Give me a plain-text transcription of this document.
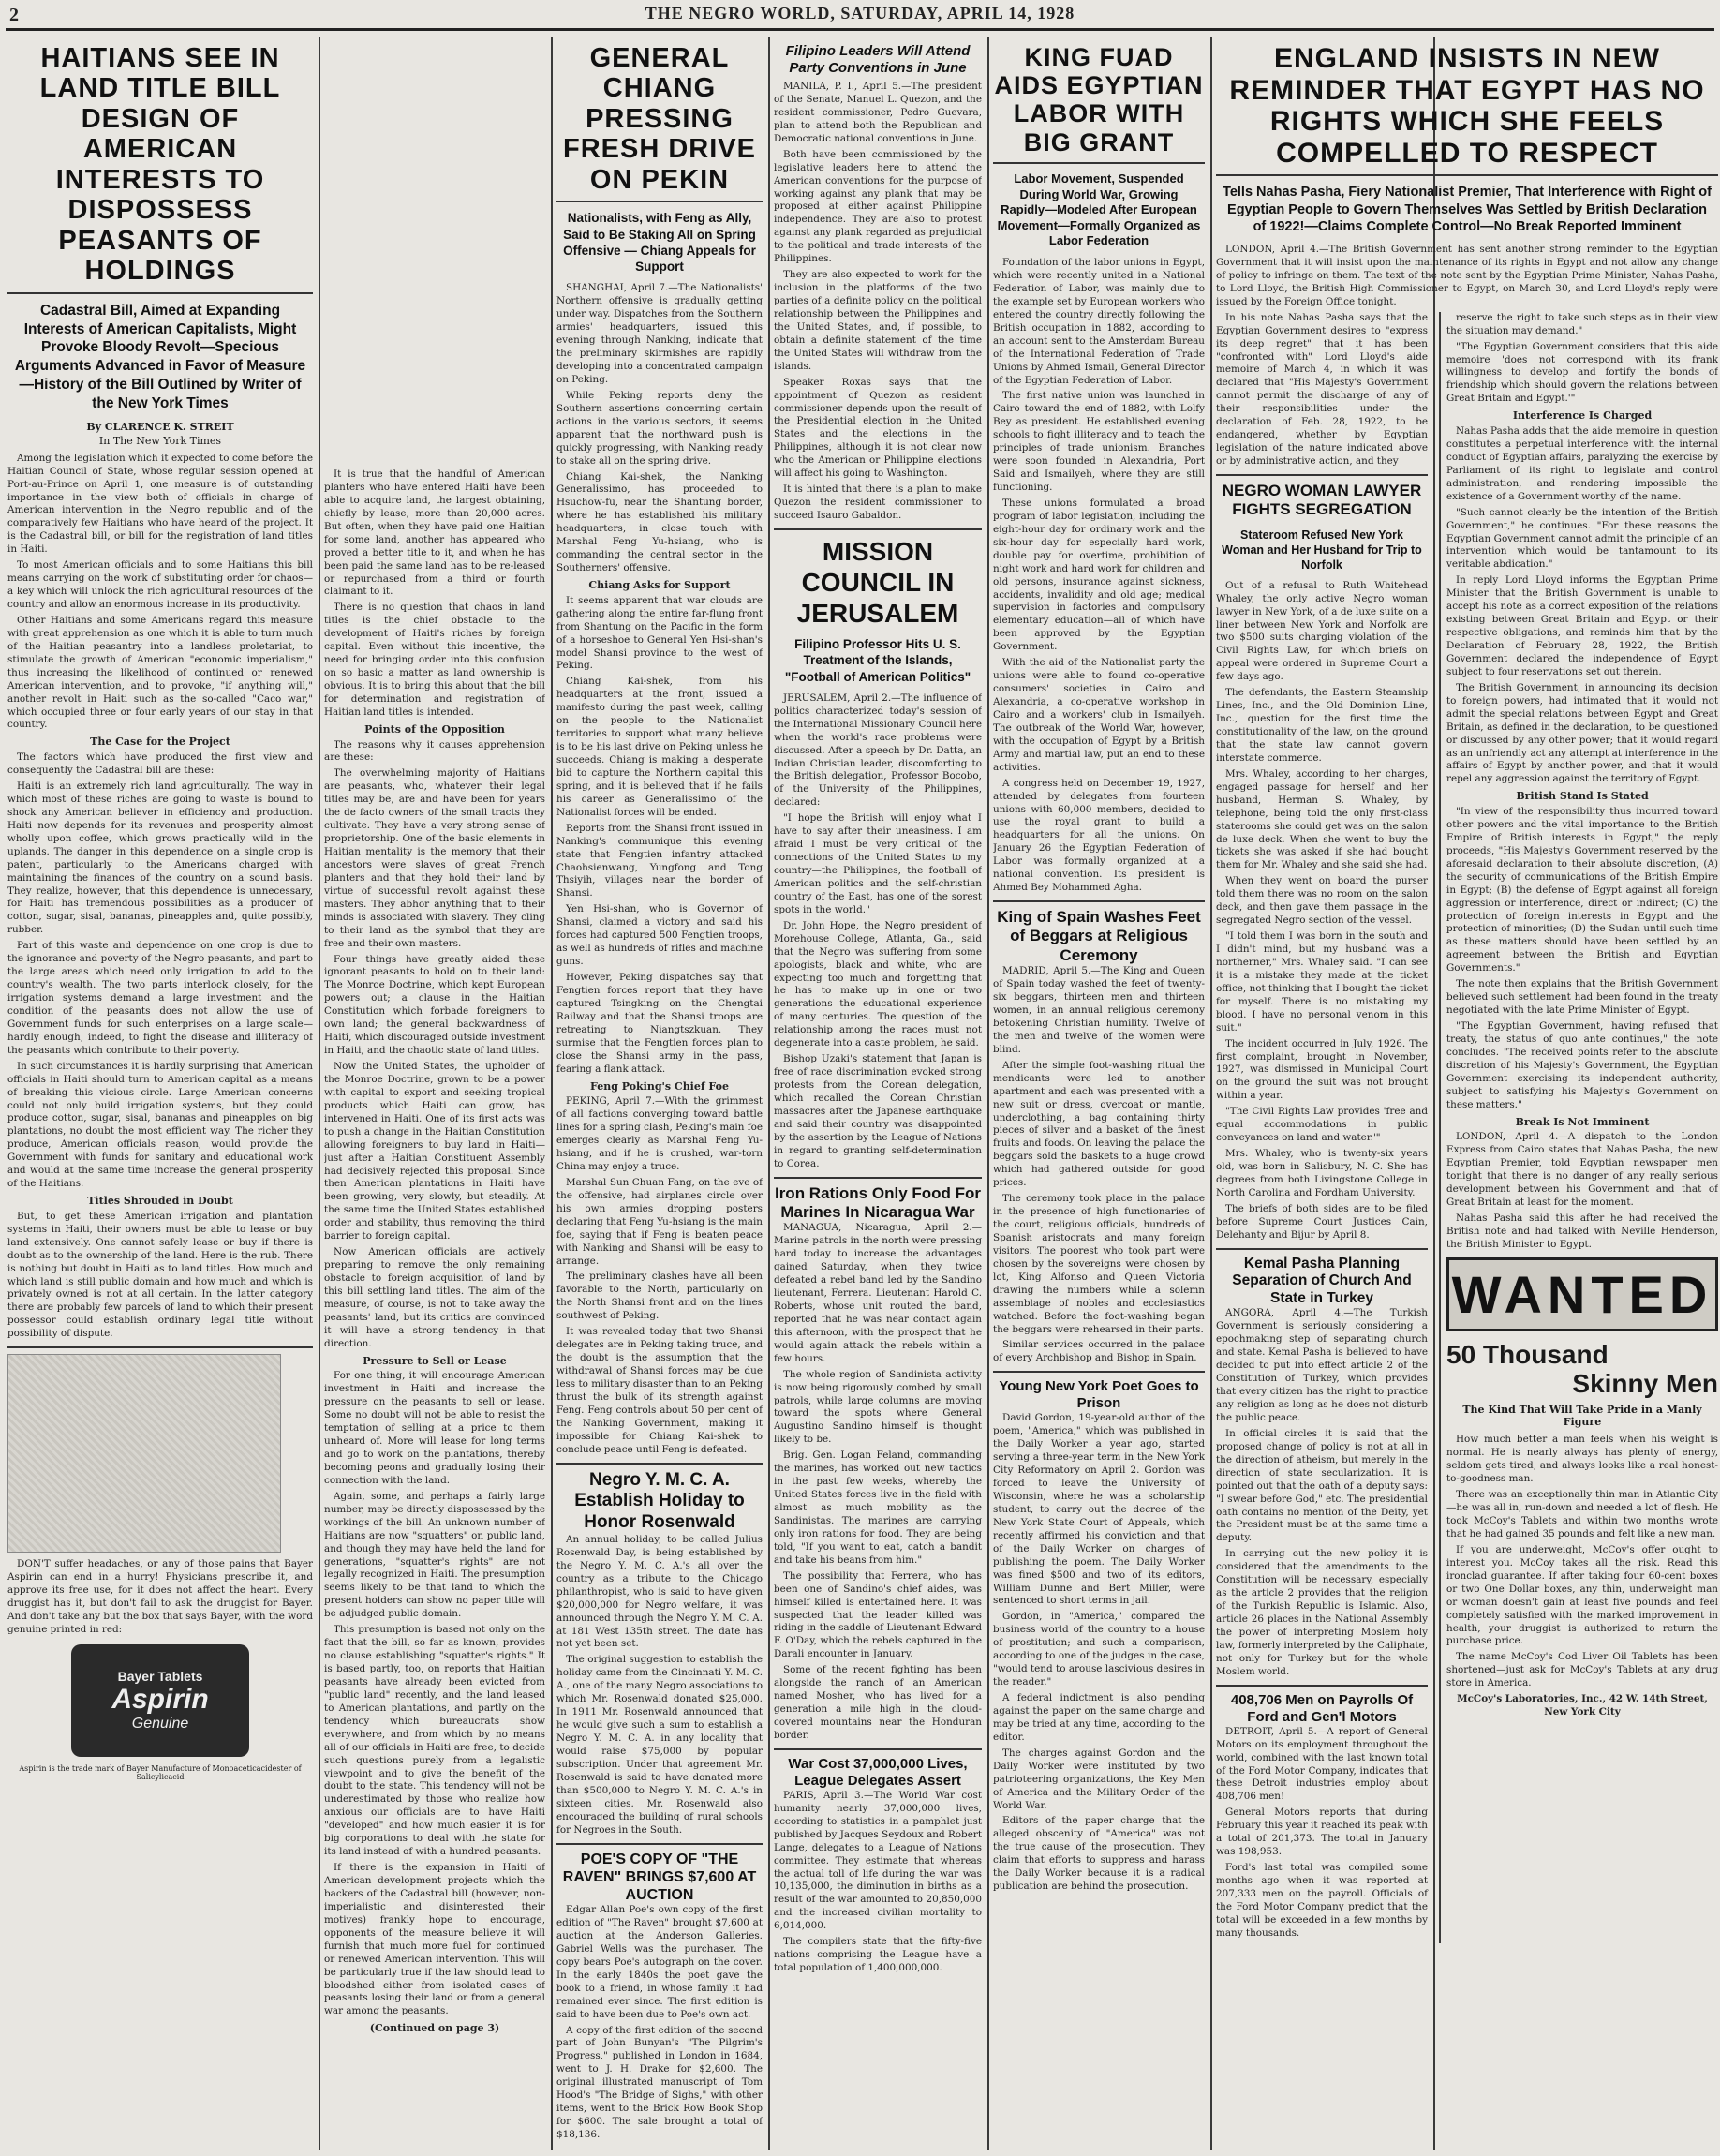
2	THE NEGRO WORLD, SATURDAY, APRIL 14, 1928
HAITIANS SEE IN LAND TITLE BILL DESIGN OF AMERICAN INTERESTS TO DISPOSSESS PEASANTS OF HOLDINGS
Cadastral Bill, Aimed at Expanding Interests of American Capitalists, Might Provoke Bloody Revolt—Specious Arguments Advanced in Favor of Measure—History of the Bill Outlined by Writer of the New York Times
By CLARENCE K. STREIT
In The New York Times

Among the legislation which it expected to come before the Haitian Council of State, whose regular session opened at Port-au-Prince on April 1, one measure is of outstanding importance in the view both of officials in charge of American intervention in the Negro republic and of the comparatively few Haitians who have heard of the project. It is the Cadastral bill, or bill for the registration of land titles in Haiti.

To most American officials and to some Haitians this bill means carrying on the work of substituting order for chaos—a key which will unlock the rich agricultural resources of the country and allow an enormous increase in its productivity.

Other Haitians and some Americans regard this measure with great apprehension as one which it is able to turn much of the Haitian peasantry into a landless proletariat, to stimulate the growth of American "economic imperialism," thus increasing the likelihood of continued or renewed American intervention, and to provoke, "if anything will," another revolt in Haiti such as the so-called "Caco war," which occupied three or four early years of our stay in that country.

The Case for the Project

The factors which have produced the first view and consequently the Cadastral bill are these:

Haiti is an extremely rich land agriculturally. The way in which most of these riches are going to waste is bound to shock any American believer in efficiency and production. Haiti now depends for its revenues and prosperity almost wholly upon coffee, which grows practically wild in the uplands. The danger in this dependence on a single crop is patent, particularly to the Americans charged with maintaining the finances of the country on a sound basis. They realize, however, that this dependence is unnecessary, for Haiti has tremendous possibilities as a producer of cotton, sugar, sisal, bananas, pineapples and, quite possibly, rubber.

Part of this waste and dependence on one crop is due to the ignorance and poverty of the Negro peasants, and part to the large areas which need only irrigation to add to the country's wealth. The two parts interlock closely, for the irrigation systems demand a large investment and the condition of the peasants does not allow the use of Government funds for such enterprises on a large scale—hardly enough, indeed, to fight the disease and illiteracy of the peasants which contribute to their poverty.

In such circumstances it is hardly surprising that American officials in Haiti should turn to American capital as a means of breaking this vicious circle. Large American concerns could not only build irrigation systems, but they could produce cotton, sugar, sisal, bananas and pineapples on big plantations, no doubt the most efficient way. The richer they produce, American officials reason, would provide the Government with funds for sanitary and educational work and would at the same time increase the general prosperity of the Haitians.

Titles Shrouded in Doubt

But, to get these American irrigation and plantation systems in Haiti, their owners must be able to lease or buy land extensively. One cannot safely lease or buy if there is doubt as to the ownership of the land. Here is the rub. There is nothing but doubt in Haiti as to land titles. How much and which land is still public domain and how much and which is privately owned is not at all certain. In the latter category there are probably few parcels of land to which their present possessor could establish ordinary legal title without possibility of dispute.

DON'T suffer headaches, or any of those pains that Bayer Aspirin can end in a hurry! Physicians prescribe it, and approve its free use, for it does not affect the heart. Every druggist has it, but don't fail to ask the druggist for Bayer. And don't take any but the box that says Bayer, with the word genuine printed in red:

Bayer Tablets
Aspirin
Genuine
Aspirin is the trade mark of Bayer Manufacture of Monoaceticacidester of Salicylicacid

It is true that the handful of American planters who have entered Haiti have been able to acquire land, the largest obtaining, chiefly by lease, more than 20,000 acres. But often, when they have paid one Haitian for some land, another has appeared who proved a better title to it, and when he has been paid the same land has to be re-leased or repurchased from a third or fourth claimant to it.

There is no question that chaos in land titles is the chief obstacle to the development of Haiti's riches by foreign capital. Even without this incentive, the need for bringing order into this confusion on so basic a matter as land ownership is obvious. It is to bring this about that the bill for determination and registration of Haitian land titles is intended.

Points of the Opposition

The reasons why it causes apprehension are these:

The overwhelming majority of Haitians are peasants, who, whatever their legal titles may be, are and have been for years the de facto owners of the small tracts they cultivate. They have a very strong sense of proprietorship. One of the basic elements in Haitian mentality is the memory that their ancestors were slaves of great French planters and that they hold their land by virtue of successful revolt against these masters. They abhor anything that to their minds is associated with slavery. They cling to their land as the symbol that they are free and their own masters.

Four things have greatly aided these ignorant peasants to hold on to their land: The Monroe Doctrine, which kept European powers out; a clause in the Haitian Constitution which forbade foreigners to own land; the general backwardness of Haiti, which discouraged outside investment in Haiti, and the chaotic state of land titles.

Now the United States, the upholder of the Monroe Doctrine, grown to be a power with capital to export and seeking tropical products which Haiti can grow, has intervened in Haiti. One of its first acts was to push a change in the Haitian Constitution allowing foreigners to buy land in Haiti—just after a Haitian Constituent Assembly had decisively rejected this proposal. Since then American plantations in Haiti have been growing, very slowly, but steadily. At the same time the United States established order and stability, thus removing the third barrier to foreign capital.

Now American officials are actively preparing to remove the only remaining obstacle to foreign acquisition of land by this bill settling land titles. The aim of the measure, of course, is not to take away the peasants' land, but its critics are convinced it will have a strong tendency in that direction.

Pressure to Sell or Lease

For one thing, it will encourage American investment in Haiti and increase the pressure on the peasants to sell or lease. Some no doubt will not be able to resist the temptation of selling at a price to them unheard of. More will lease for long terms and go to work on the plantations, thereby becoming peons and gradually losing their connection with the land.

Again, some, and perhaps a fairly large number, may be directly dispossessed by the workings of the bill. An unknown number of Haitians are now "squatters" on public land, and though they may have held the land for generations, "squatter's rights" are not legally recognized in Haiti. The presumption seems likely to be that land to which the present holders can show no paper title will be adjudged public domain.

This presumption is based not only on the fact that the bill, so far as known, provides no clause establishing "squatter's rights." It is based partly, too, on reports that Haitian peasants have already been evicted from "public land" recently, and the land leased to American plantations, and partly on the tendency which bureaucrats show everywhere, and from which by no means all of our officials in Haiti are free, to decide such questions purely from a legalistic viewpoint and to give the benefit of the doubt to the state. This tendency will not be underestimated by those who realize how anxious our officials are to have Haiti "developed" and how much easier it is for big corporations to deal with the state for its land instead of with a hundred peasants.

If there is the expansion in Haiti of American development projects which the backers of the Cadastral bill (however, non-imperialistic and disinterested their motives) frankly hope to encourage, opponents of the measure believe it will furnish that much more fuel for continued or renewed American intervention. This will be particularly true if the law should lead to bloodshed either from isolated cases of peasants losing their land or from a general war among the peasants.

(Continued on page 3)
GENERAL CHIANG PRESSING FRESH DRIVE ON PEKIN
Nationalists, with Feng as Ally, Said to Be Staking All on Spring Offensive — Chiang Appeals for Support

SHANGHAI, April 7.—The Nationalists' Northern offensive is gradually getting under way. Dispatches from the Southern armies' headquarters, issued this evening through Nanking, indicate that the preliminary skirmishes are rapidly developing into a concentrated campaign on Peking.

While Peking reports deny the Southern assertions concerning certain actions in the various sectors, it seems apparent that the northward push is quickly progressing, with Nanking ready to stake all on the spring drive.

Chiang Kai-shek, the Nanking Generalissimo, has proceeded to Hsuchow-fu, near the Shantung border, where he has established his military headquarters, in close touch with Marshal Feng Yu-hsiang, who is commanding the central sector in the Southerners' offensive.

Chiang Asks for Support

It seems apparent that war clouds are gathering along the entire far-flung front from Shantung on the Pacific in the form of a horseshoe to General Yen Hsi-shan's model Shansi province to the west of Peking.

Chiang Kai-shek, from his headquarters at the front, issued a manifesto during the past week, calling on the people to the Nationalist territories to support what many believe is to be his last drive on Peking unless he succeeds. Chiang is making a desperate bid to capture the Northern capital this spring, and it is believed that if he fails his career as Generalissimo of the Nationalist forces will be ended.

Reports from the Shansi front issued in Nanking's communique this evening state that Fengtien infantry attacked Chaohsienwang, Yungfong and Tong Thsiyih, villages near the border of Shansi.

Yen Hsi-shan, who is Governor of Shansi, claimed a victory and said his forces had captured 500 Fengtien troops, as well as hundreds of rifles and machine guns.

However, Peking dispatches say that Fengtien forces report that they have captured Tsingking on the Chengtai Railway and that the Shansi troops are retreating to Niangtszkuan. They surmise that the Fengtien forces plan to close the Shansi army in the pass, fearing a flank attack.

Feng Poking's Chief Foe

PEKING, April 7.—With the grimmest of all factions converging toward battle lines for a spring clash, Peking's main foe emerges clearly as Marshal Feng Yu-hsiang, and if he is crushed, war-torn China may enjoy a truce.

Marshal Sun Chuan Fang, on the eve of the offensive, had airplanes circle over his own armies dropping posters declaring that Feng Yu-hsiang is the main foe, saying that if Feng is beaten peace with Nanking and Shansi will be easy to arrange.

The preliminary clashes have all been favorable to the North, particularly on the North Shansi front and on the lines southwest of Peking.

It was revealed today that two Shansi delegates are in Peking taking truce, and the doubt is the assumption that the withdrawal of Shansi forces may be due less to military disaster than to an Peking thrust the bulk of its strength against Feng. Feng controls about 50 per cent of the Nanking Government, making it impossible for Chiang Kai-shek to conclude peace until Feng is defeated.

Negro Y. M. C. A. Establish Holiday to Honor Rosenwald

An annual holiday, to be called Julius Rosenwald Day, is being established by the Negro Y. M. C. A.'s all over the country as a tribute to the Chicago philanthropist, who is said to have given $20,000,000 for Negro welfare, it was announced through the Negro Y. M. C. A. at 181 West 135th street. The date has not yet been set.

The original suggestion to establish the holiday came from the Cincinnati Y. M. C. A., one of the many Negro associations to which Mr. Rosenwald donated $25,000. In 1911 Mr. Rosenwald announced that he would give such a sum to establish a Negro Y. M. C. A. in any locality that would raise $75,000 by popular subscription. Under that agreement Mr. Rosenwald is said to have donated more than $500,000 to Negro Y. M. C. A.'s in sixteen cities. Mr. Rosenwald also encouraged the building of rural schools for Negroes in the South.

POE'S COPY OF "THE RAVEN" BRINGS $7,600 AT AUCTION

Edgar Allan Poe's own copy of the first edition of "The Raven" brought $7,600 at auction at the Anderson Galleries. Gabriel Wells was the purchaser. The copy bears Poe's autograph on the cover. In the early 1840s the poet gave the book to a friend, in whose family it had remained ever since. The first edition is said to have been due to Poe's own act.

A copy of the first edition of the second part of John Bunyan's "The Pilgrim's Progress," published in London in 1684, went to J. H. Drake for $2,600. The original illustrated manuscript of Tom Hood's "The Bridge of Sighs," with other items, went to the Brick Row Book Shop for $600. The sale brought a total of $18,136.

Filipino Leaders Will Attend Party Conventions in June

MANILA, P. I., April 5.—The president of the Senate, Manuel L. Quezon, and the resident commissioner, Pedro Guevara, plan to attend both the Republican and Democratic national conventions in June.

Both have been commissioned by the legislative leaders here to attend the American conventions for the purpose of working against any plank that may be proposed at either against Philippine independence. They are also to protest against any plank regarded as prejudicial to the political and trade interests of the Philippines.

They are also expected to work for the inclusion in the platforms of the two parties of a definite policy on the political relationship between the Philippines and the United States, and, if possible, to obtain a definite statement of the time the United States will withdraw from the islands.

Speaker Roxas says that the appointment of Quezon as resident commissioner depends upon the result of the Presidential election in the United States and the elections in the Philippines, although it is not clear now who the American or Philippine elections will affect his going to Washington.

It is hinted that there is a plan to make Quezon the resident commissioner to succeed Isauro Gabaldon.

MISSION COUNCIL IN JERUSALEM
Filipino Professor Hits U. S. Treatment of the Islands, "Football of American Politics"

JERUSALEM, April 2.—The influence of politics characterized today's session of the International Missionary Council here when the world's race problems were discussed. After a speech by Dr. Datta, an Indian Christian leader, discomforting to the British delegation, Professor Bocobo, of the University of the Philippines, declared:

"I hope the British will enjoy what I have to say after their uneasiness. I am afraid I must be very critical of the connections of the United States to my country—the Philippines, the football of American politics and the self-christian country of the East, has one of the sorest spots in the world."

Dr. John Hope, the Negro president of Morehouse College, Atlanta, Ga., said that the Negro was suffering from some apologists, black and white, who are expecting too much and forgetting that he has to make up in one or two generations the educational experience of many centuries. The question of the relationship among the races must not degenerate into a caste problem, he said.

Bishop Uzaki's statement that Japan is free of race discrimination evoked strong protests from the Corean delegation, which recalled the Corean Christian massacres after the Japanese earthquake and said their country was disappointed by the assertion by the League of Nations in regard to granting self-determination to Corea.

Iron Rations Only Food For Marines In Nicaragua War

MANAGUA, Nicaragua, April 2.—Marine patrols in the north were pressing hard today to increase the advantages gained Saturday, when they twice defeated a rebel band led by the Sandino lieutenant, Ferrera. Lieutenant Harold C. Roberts, whose unit routed the band, reported that he was near contact again this afternoon, with the prospect that he would again attack the rebels within a few hours.

The whole region of Sandinista activity is now being rigorously combed by small patrols, while large columns are moving toward the spots where General Augustino Sandino himself is thought likely to be.

Brig. Gen. Logan Feland, commanding the marines, has worked out new tactics in the past few weeks, whereby the United States forces live in the field with almost as much mobility as the Sandinistas. The marines are carrying only iron rations for food. They are being told, "If you want to eat, catch a bandit and take his beans from him."

The possibility that Ferrera, who has been one of Sandino's chief aides, was himself killed is entertained here. It was suspected that the leader killed was riding in the saddle of Lieutenant Edward F. O'Day, which the rebels captured in the Darali encounter in January.

Some of the recent fighting has been alongside the ranch of an American named Mosher, who has lived for a generation a mile high in the cloud-covered mountains near the Honduran border.

War Cost 37,000,000 Lives, League Delegates Assert

PARIS, April 3.—The World War cost humanity nearly 37,000,000 lives, according to statistics in a pamphlet just published by Jacques Seydoux and Robert Lange, delegates to a League of Nations committee. They estimate that whereas the actual toll of life during the war was 10,135,000, the diminution in births as a result of the war amounted to 20,850,000 and the increased civilian mortality to 6,014,000.

The compilers state that the fifty-five nations comprising the League have a total population of 1,400,000,000.

KING FUAD AIDS EGYPTIAN LABOR WITH BIG GRANT
Labor Movement, Suspended During World War, Growing Rapidly—Modeled After European Movement—Formally Organized as Labor Federation

Foundation of the labor unions in Egypt, which were recently united in a National Federation of Labor, was mainly due to the example set by European workers who entered the country directly following the British occupation in 1882, according to an account sent to the Amsterdam Bureau of the International Federation of Trade Unions by Ahmed Ismail, General Director of the Egyptian Federation of Labor.

The first native union was launched in Cairo toward the end of 1882, with Lolfy Bey as president. He established evening schools to fight illiteracy and to teach the principles of trade unionism. Branches were soon founded in Alexandria, Port Said and Ismailyeh, where they are still functioning.

These unions formulated a broad program of labor legislation, including the eight-hour day for ordinary work and the six-hour day for especially hard work, double pay for overtime, prohibition of night work and hard work for children and old persons, insurance against sickness, accidents, invalidity and old age; medical supervision in factories and compulsory elementary education—all of which have been approved by the Egyptian Government.

With the aid of the Nationalist party the unions were able to found co-operative consumers' societies in Cairo and Alexandria, a co-operative workshop in Cairo and a workers' club in Ismailyeh. The outbreak of the World War, however, with the occupation of Egypt by a British Army and martial law, put an end to these activities.

A congress held on December 19, 1927, attended by delegates from fourteen unions with 60,000 members, decided to use the royal grant to build a headquarters for all the unions. On January 26 the Egyptian Federation of Labor was formally organized at a national convention. Its president is Ahmed Bey Mohammed Agha.

King of Spain Washes Feet of Beggars at Religious Ceremony

MADRID, April 5.—The King and Queen of Spain today washed the feet of twenty-six beggars, thirteen men and thirteen women, in an annual religious ceremony betokening Christian humility. Twelve of the men and twelve of the women were blind.

After the simple foot-washing ritual the mendicants were led to another apartment and each was presented with a new suit or dress, overcoat or mantle, underclothing, a bag containing thirty pieces of silver and a basket of the finest fruits and foods. On leaving the palace the beggars sold the baskets to a huge crowd which had gathered outside for good prices.

The ceremony took place in the palace in the presence of high functionaries of the court, religious officials, hundreds of Spanish aristocrats and many foreign visitors. The poorest who took part were chosen by the sovereigns were chosen by lot, King Alfonso and Queen Victoria drawing the numbers while a solemn assemblage of nobles and ecclesiastics watched. Before the foot-washing began the beggars were rehearsed in their parts.

Similar services occurred in the palace of every Archbishop and Bishop in Spain.

Young New York Poet Goes to Prison

David Gordon, 19-year-old author of the poem, "America," which was published in the Daily Worker a year ago, started serving a three-year term in the New York City Reformatory on April 2. Gordon was forced to leave the University of Wisconsin, where he was a scholarship student, to carry out the decree of the New York State Court of Appeals, which recently affirmed his conviction and that of the Daily Worker on charges of publishing the poem. The Daily Worker was fined $500 and two of its editors, William Dunne and Bert Miller, were sentenced to short terms in jail.

Gordon, in "America," compared the business world of the country to a house of prostitution; and such a comparison, according to one of the judges in the case, "would tend to arouse lascivious desires in the reader."

A federal indictment is also pending against the paper on the same charge and may be tried at any time, according to the editor.

The charges against Gordon and the Daily Worker were instituted by two patrioteering organizations, the Key Men of America and the Military Order of the World War.

Editors of the paper charge that the alleged obscenity of "America" was not the true cause of the prosecution. They claim that efforts to suppress and harass the Daily Worker because it is a radical publication are behind the prosecution.

ENGLAND INSISTS IN NEW REMINDER THAT EGYPT HAS NO RIGHTS WHICH SHE FEELS COMPELLED TO RESPECT
Tells Nahas Pasha, Fiery Nationalist Premier, That Interference with Right of Egyptian People to Govern Themselves Was Settled by British Declaration of 1922!—Claims Complete Control—No Break Reported Imminent

LONDON, April 4.—The British Government has sent another strong reminder to the Egyptian Government that it will insist upon the maintenance of its rights in Egypt and not allow any change of policy to infringe on them. The text of the note sent by the Egyptian Prime Minister, Nahas Pasha, to Lord Lloyd, the British High Commissioner to Egypt, on March 30, and Lord Lloyd's reply were issued by the Foreign Office tonight.

In his note Nahas Pasha says that the Egyptian Government desires to "express its deep regret" that it has been "confronted with" Lord Lloyd's aide memoire of March 4, in which it was declared that "His Majesty's Government cannot permit the discharge of any of their responsibilities under the declaration of Feb. 28, 1922, to be endangered, whether by Egyptian legislation of the nature indicated above or by administrative action, and they

NEGRO WOMAN LAWYER FIGHTS SEGREGATION
Stateroom Refused New York Woman and Her Husband for Trip to Norfolk

Out of a refusal to Ruth Whitehead Whaley, the only active Negro woman lawyer in New York, of a de luxe suite on a liner between New York and Norfolk are two $500 suits charging violation of the Civil Rights Law, for which briefs on appeal were ordered in Supreme Court a few days ago.

The defendants, the Eastern Steamship Lines, Inc., and the Old Dominion Line, Inc., question for the first time the constitutionality of the law, on the ground that the state law cannot govern interstate commerce.

Mrs. Whaley, according to her charges, engaged passage for herself and her husband, Herman S. Whaley, by telephone, being told the only first-class staterooms she could get was on the salon de luxe deck. When she went to buy the tickets she was asked if she had bought them for Mr. Whaley and she said she had.

When they went on board the purser told them there was no room on the salon deck, and then gave them passage in the segregated Negro section of the vessel.

"I told them I was born in the south and I didn't mind, but my husband was a northerner," Mrs. Whaley said. "I can see it is a mistake they made at the ticket office, not thinking that I bought the ticket for myself. There is no mistaking my blood. I have no personal venom in this suit."

The incident occurred in July, 1926. The first complaint, brought in November, 1927, was dismissed in Municipal Court on the ground the suit was not brought within a year.

"The Civil Rights Law provides 'free and equal accommodations in public conveyances on land and water.'"

Mrs. Whaley, who is twenty-six years old, was born in Salisbury, N. C. She has degrees from both Livingstone College in North Carolina and Fordham University.

The briefs of both sides are to be filed before Supreme Court Justices Cain, Delehanty and Bijur by April 8.

Kemal Pasha Planning Separation of Church And State in Turkey

ANGORA, April 4.—The Turkish Government is seriously considering a epochmaking step of separating church and state. Kemal Pasha is believed to have decided to put into effect article 2 of the Constitution of Turkey, which provides that every citizen has the right to practice any religion as long as he does not disturb the public peace.

In official circles it is said that the proposed change of policy is not at all in the direction of atheism, but merely in the direction of state secularization. It is pointed out that the oath of a deputy says: "I swear before God," etc. The presidential oath contains no mention of the Deity, yet the President must be at the same time a deputy.

In carrying out the new policy it is considered that the amendments to the Constitution will be necessary, especially as the article 2 provides that the religion of the Turkish Republic is Islamic. Also, article 26 places in the National Assembly the power of interpreting Moslem holy law, formerly interpreted by the Caliphate, not only for Turkey but for the whole Moslem world.

408,706 Men on Payrolls Of Ford and Gen'l Motors

DETROIT, April 5.—A report of General Motors on its employment throughout the world, combined with the last known total of the Ford Motor Company, indicates that these Detroit industries employ about 408,706 men!

General Motors reports that during February this year it reached its peak with a total of 201,373. The total in January was 198,953.

Ford's last total was compiled some months ago when it was reported at 207,333 men on the payroll. Officials of the Ford Motor Company predict that the total will be exceeded in a few months by many thousands.

reserve the right to take such steps as in their view the situation may demand."

"The Egyptian Government considers that this aide memoire 'does not correspond with its frank willingness to develop and fortify the bonds of friendship which should govern the relations between Great Britain and Egypt.'"

Interference Is Charged

Nahas Pasha adds that the aide memoire in question constitutes a perpetual interference with the internal conduct of Egyptian affairs, paralyzing the exercise by Parliament of its right to legislate and control administration, and rendering impossible the existence of a Government worthy of the name.

"Such cannot clearly be the intention of the British Government," he continues. "For these reasons the Egyptian Government cannot admit the principle of an intervention which would be tantamount to its veritable abdication."

In reply Lord Lloyd informs the Egyptian Prime Minister that the British Government is unable to accept his note as a correct exposition of the relations existing between Great Britain and Egypt or their respective obligations, and reminds him that by the Declaration of February 28, 1922, the British Government declared the independence of Egypt subject to four reservations set out therein.

The British Government, in announcing its decision to foreign powers, had intimated that it would not admit the special relations between Egypt and Great Britain, as defined in the declaration, to be questioned or discussed by any other power; that it would regard as an unfriendly act any attempt at interference in the affairs of Egypt by another power, and that it would repel any aggression against the territory of Egypt.

British Stand Is Stated

"In view of the responsibility thus incurred toward other powers and the vital importance to the British Empire of British interests in Egypt," the reply proceeds, "His Majesty's Government reserved by the aforesaid declaration to their absolute discretion, (A) the security of communications of the British Empire in Egypt; (B) the defense of Egypt against all foreign aggression or interference, direct or indirect; (C) the protection of foreign interests in Egypt and the protection of minorities; (D) the Sudan until such time as these matters should have been settled by an agreement between the British and Egyptian Governments."

The note then explains that the British Government believed such settlement had been found in the treaty negotiated with the late Prime Minister of Egypt.

"The Egyptian Government, having refused that treaty, the status of quo ante continues," the note concludes. "The received points refer to the absolute discretion of his Majesty's Government, the Egyptian Government exercising its independent authority, subject to satisfying his Majesty's Government on these matters."

Break Is Not Imminent

LONDON, April 4.—A dispatch to the London Express from Cairo states that Nahas Pasha, the new Egyptian Premier, told Egyptian newspaper men tonight that there is no danger of any really serious development between his Government and that of Great Britain at least for the moment.

Nahas Pasha said this after he had received the British note and had talked with Neville Henderson, the British Minister to Egypt.

WANTED
50 Thousand
Skinny Men
The Kind That Will Take Pride in a Manly Figure

How much better a man feels when his weight is normal. He is nearly always has plenty of energy, seldom gets tired, and always looks like a real honest-to-goodness man.

There was an exceptionally thin man in Atlantic City—he was all in, run-down and needed a lot of flesh. He took McCoy's Tablets and within two months wrote that he had gained 35 pounds and felt like a new man.

If you are underweight, McCoy's offer ought to interest you. McCoy takes all the risk. Read this ironclad guarantee. If after taking four 60-cent boxes or two One Dollar boxes, any thin, underweight man or woman doesn't gain at least five pounds and feel completely satisfied with the marked improvement in health, your druggist is authorized to return the purchase price.

The name McCoy's Cod Liver Oil Tablets has been shortened—just ask for McCoy's Tablets at any drug store in America.

McCoy's Laboratories, Inc., 42 W. 14th Street, New York City
